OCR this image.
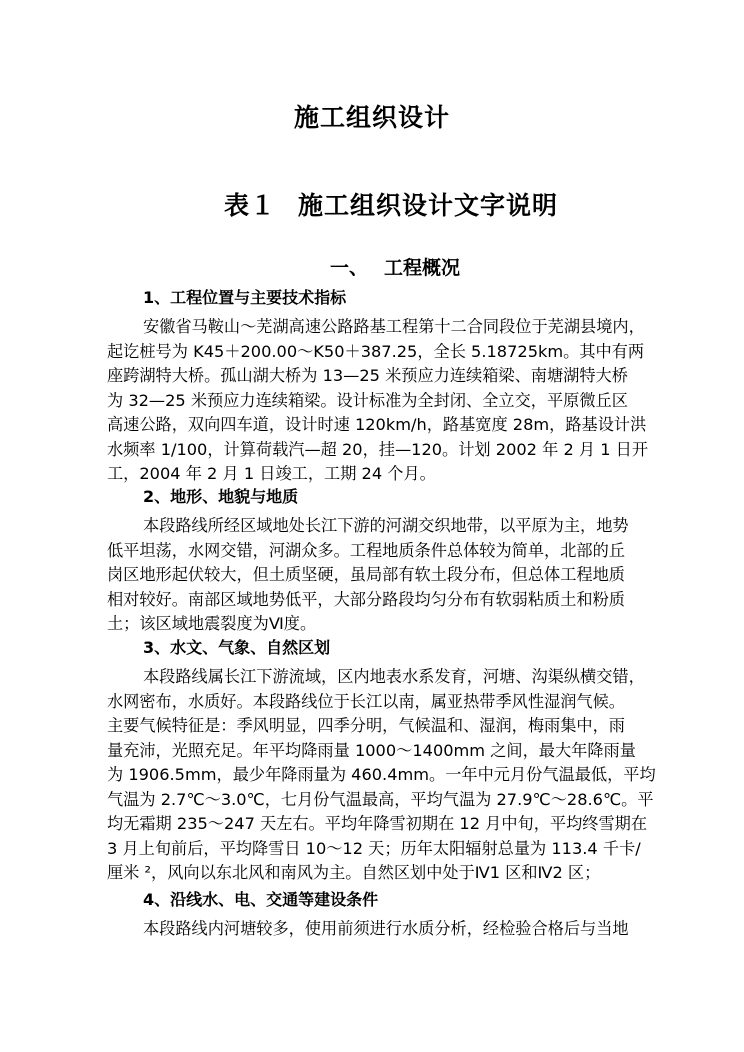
施工组织设计
表１ 施工组织设计文字说明
一、 工程概况
1、工程位置与主要技术指标
安徽省马鞍山～芜湖高速公路路基工程第十二合同段位于芜湖县境内，
起讫桩号为 K45＋200.00～K50＋387.25，全长 5.18725km。其中有两
座跨湖特大桥。孤山湖大桥为 13—25 米预应力连续箱梁、南塘湖特大桥
为 32—25 米预应力连续箱梁。设计标准为全封闭、全立交，平原微丘区
高速公路，双向四车道，设计时速 120km/h，路基宽度 28m，路基设计洪
水频率 1/100，计算荷载汽—超 20，挂—120。计划 2002 年 2 月 1 日开
工，2004 年 2 月 1 日竣工，工期 24 个月。
2、地形、地貌与地质
本段路线所经区域地处长江下游的河湖交织地带，以平原为主，地势
低平坦荡，水网交错，河湖众多。工程地质条件总体较为简单，北部的丘
岗区地形起伏较大，但土质坚硬，虽局部有软土段分布，但总体工程地质
相对较好。南部区域地势低平，大部分路段均匀分布有软弱粘质土和粉质
土；该区域地震裂度为Ⅵ度。
3、水文、气象、自然区划
本段路线属长江下游流域，区内地表水系发育，河塘、沟渠纵横交错，
水网密布，水质好。本段路线位于长江以南，属亚热带季风性湿润气候。
主要气候特征是：季风明显，四季分明，气候温和、湿润，梅雨集中，雨
量充沛，光照充足。年平均降雨量 1000～1400mm 之间，最大年降雨量
为 1906.5mm，最少年降雨量为 460.4mm。一年中元月份气温最低，平均
气温为 2.7℃～3.0℃，七月份气温最高，平均气温为 27.9℃～28.6℃。平
均无霜期 235～247 天左右。平均年降雪初期在 12 月中旬，平均终雪期在
3 月上旬前后，平均降雪日 10～12 天；历年太阳辐射总量为 113.4 千卡/
厘米 ²，风向以东北风和南风为主。自然区划中处于Ⅳ1 区和Ⅳ2 区；
4、沿线水、电、交通等建设条件
本段路线内河塘较多，使用前须进行水质分析，经检验合格后与当地
